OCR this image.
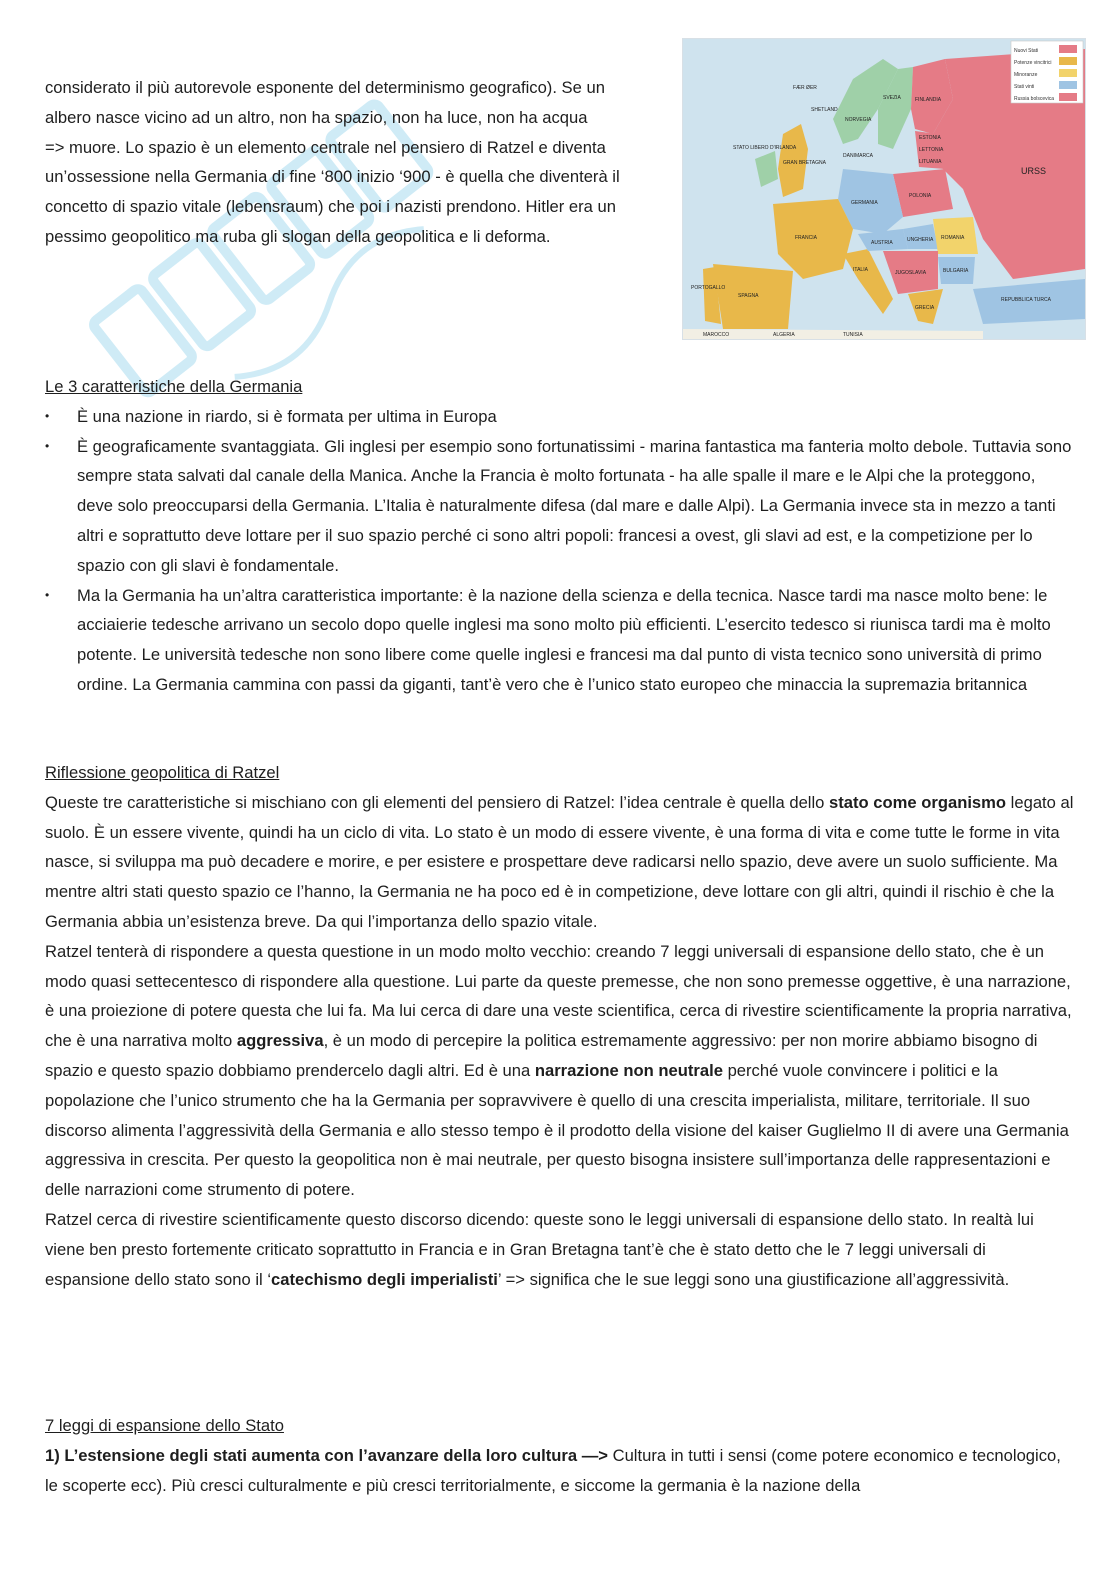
considerato il più autorevole esponente del determinismo geografico). Se un
albero nasce vicino ad un altro, non ha spazio, non ha luce, non ha acqua
=> muore. Lo spazio è un elemento centrale nel pensiero di Ratzel e diventa
un’ossessione nella Germania di fine ‘800 inizio ‘900 - è quella che diventerà il
concetto di spazio vitale (lebensraum) che poi i nazisti prendono. Hitler era un
pessimo geopolitico ma ruba gli slogan della geopolitica e li deforma.
Nuovi Stati
Potenze vincitrici
Minoranze
Stati vinti
Russia bolscevica
URSS
FINLANDIA
SVEZIA
NORVEGIA
FÆR ØER
SHETLAND
STATO LIBERO D'IRLANDA
GRAN BRETAGNA
DANIMARCA
ESTONIA
LETTONIA
LITUANIA
POLONIA
GERMANIA
FRANCIA
AUSTRIA	UNGHERIA ROMANIA
JUGOSLAVIA	BULGARIA
ITALIA
SPAGNA
PORTOGALLO
GRECIA
REPUBBLICA TURCA
MAROCCO	ALGERIA	TUNISIA
Le 3 caratteristiche della Germania
• È una nazione in riardo, si è formata per ultima in Europa
• È geograficamente svantaggiata. Gli inglesi per esempio sono fortunatissimi - marina fantastica ma fanteria molto debole. Tuttavia sono sempre stata salvati dal canale della Manica. Anche la Francia è molto fortunata - ha alle spalle il mare e le Alpi che la proteggono, deve solo preoccuparsi della Germania. L’Italia è naturalmente difesa (dal mare e dalle Alpi). La Germania invece sta in mezzo a tanti altri e soprattutto deve lottare per il suo spazio perché ci sono altri popoli: francesi a ovest, gli slavi ad est, e la competizione per lo spazio con gli slavi è fondamentale.
• Ma la Germania ha un’altra caratteristica importante: è la nazione della scienza e della tecnica. Nasce tardi ma nasce molto bene: le acciaierie tedesche arrivano un secolo dopo quelle inglesi ma sono molto più efficienti. L’esercito tedesco si riunisca tardi ma è molto potente. Le università tedesche non sono libere come quelle inglesi e francesi ma dal punto di vista tecnico sono università di primo ordine. La Germania cammina con passi da giganti, tant’è vero che è l’unico stato europeo che minaccia la supremazia britannica
Riflessione geopolitica di Ratzel
Queste tre caratteristiche si mischiano con gli elementi del pensiero di Ratzel: l’idea centrale è quella dello stato come organismo legato al suolo. È un essere vivente, quindi ha un ciclo di vita. Lo stato è un modo di essere vivente, è una forma di vita e come tutte le forme in vita nasce, si sviluppa ma può decadere e morire, e per esistere e prospettare deve radicarsi nello spazio, deve avere un suolo sufficiente. Ma mentre altri stati questo spazio ce l’hanno, la Germania ne ha poco ed è in competizione, deve lottare con gli altri, quindi il rischio è che la Germania abbia un’esistenza breve. Da qui l’importanza dello spazio vitale.
Ratzel tenterà di rispondere a questa questione in un modo molto vecchio: creando 7 leggi universali di espansione dello stato, che è un modo quasi settecentesco di rispondere alla questione. Lui parte da queste premesse, che non sono premesse oggettive, è una narrazione, è una proiezione di potere questa che lui fa. Ma lui cerca di dare una veste scientifica, cerca di rivestire scientificamente la propria narrativa, che è una narrativa molto aggressiva, è un modo di percepire la politica estremamente aggressivo: per non morire abbiamo bisogno di spazio e questo spazio dobbiamo prendercelo dagli altri. Ed è una narrazione non neutrale perché vuole convincere i politici e la popolazione che l’unico strumento che ha la Germania per sopravvivere è quello di una crescita imperialista, militare, territoriale. Il suo discorso alimenta l’aggressività della Germania e allo stesso tempo è il prodotto della visione del kaiser Guglielmo II di avere una Germania aggressiva in crescita. Per questo la geopolitica non è mai neutrale, per questo bisogna insistere sull’importanza delle rappresentazioni e delle narrazioni come strumento di potere.
Ratzel cerca di rivestire scientificamente questo discorso dicendo: queste sono le leggi universali di espansione dello stato. In realtà lui viene ben presto fortemente criticato soprattutto in Francia e in Gran Bretagna tant’è che è stato detto che le 7 leggi universali di espansione dello stato sono il ‘catechismo degli imperialisti’ => significa che le sue leggi sono una giustificazione all’aggressività.
7 leggi di espansione dello Stato
1) L’estensione degli stati aumenta con l’avanzare della loro cultura —> Cultura in tutti i sensi (come potere economico e tecnologico, le scoperte ecc). Più cresci culturalmente e più cresci territorialmente, e siccome la germania è la nazione della
